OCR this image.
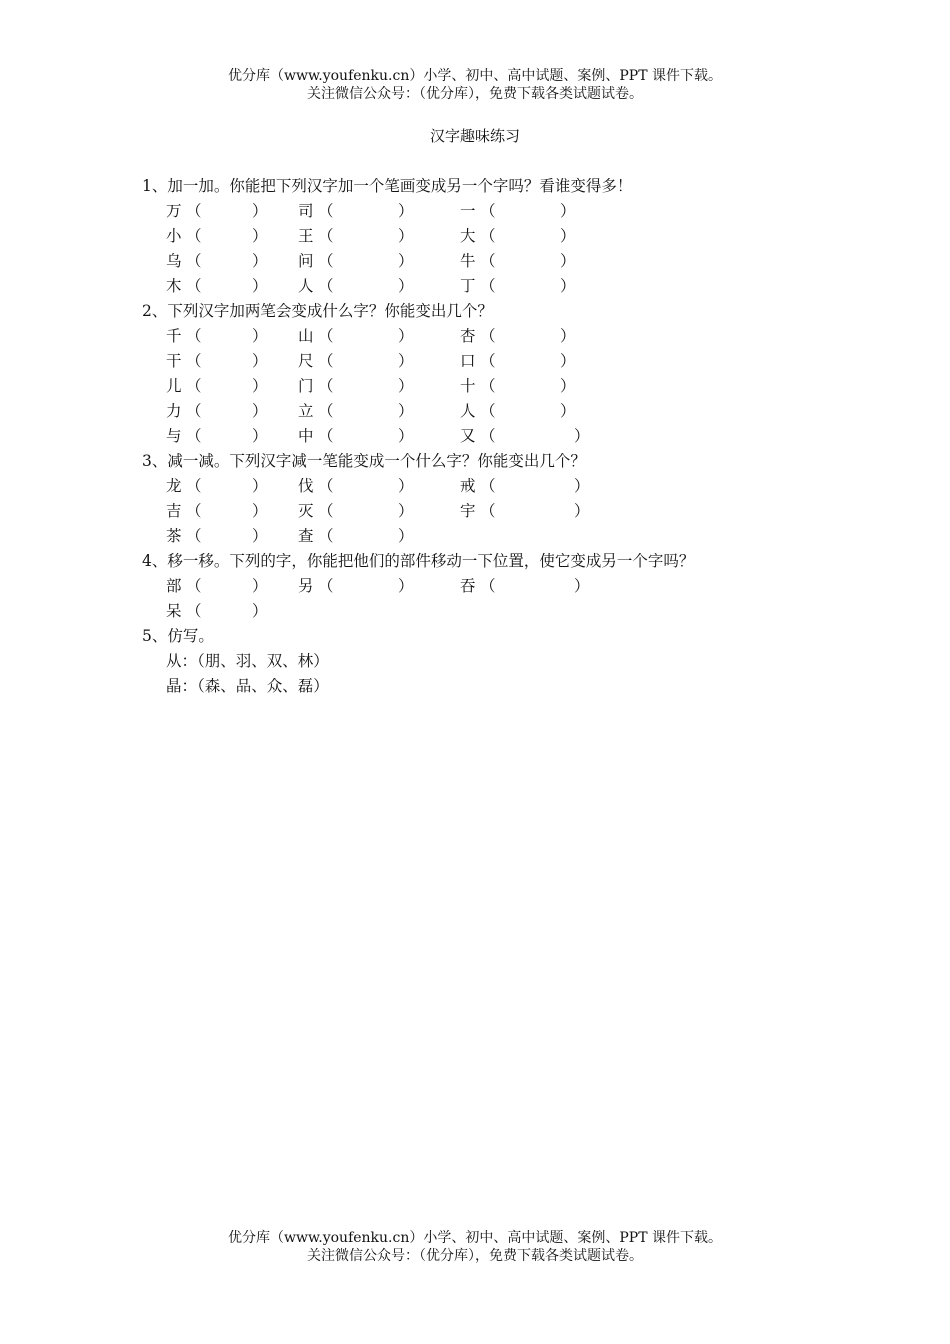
优分库（www.youfenku.cn）小学、初中、高中试题、案例、PPT 课件下载。
关注微信公众号：（优分库），免费下载各类试题试卷。
汉字趣味练习
1、加一加。你能把下列汉字加一个笔画变成另一个字吗？看谁变得多！
万 （	） 司 （	）	一 （	）
小 （	） 王 （	）	大 （	）
乌 （	） 问 （	）	牛 （	）
木 （	） 人 （	）	丁 （	）
2、下列汉字加两笔会变成什么字？你能变出几个？
千 （	） 山 （	）	杏 （	）
干 （	） 尺 （	）	口 （	）
儿 （	） 门 （	）	十 （	）
力 （	） 立 （	）	人 （	）
与 （	） 中 （	）	又 （	）
3、减一减。下列汉字减一笔能变成一个什么字？你能变出几个？
龙 （	） 伐 （	）	戒 （	）
吉 （	） 灭 （	）	宇 （	）
茶 （	） 查 （	）
4、移一移。下列的字，你能把他们的部件移动一下位置，使它变成另一个字吗？
部 （	） 另 （	）	吞 （	）
呆 （	）
5、仿写。
从：（朋、羽、双、林）
晶：（森、品、众、磊）
优分库（www.youfenku.cn）小学、初中、高中试题、案例、PPT 课件下载。
关注微信公众号：（优分库），免费下载各类试题试卷。
